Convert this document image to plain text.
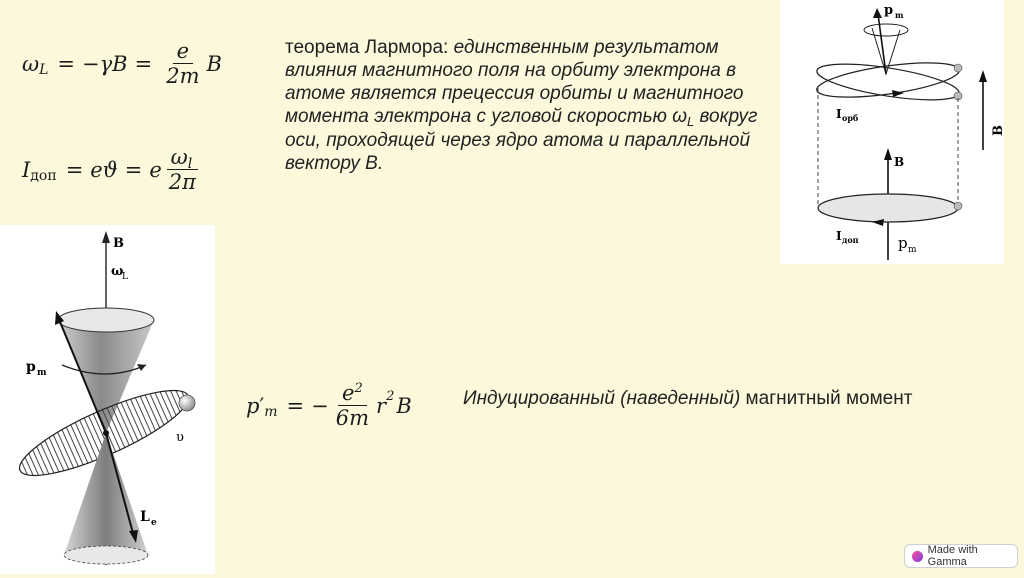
ω $L = -\gamma B = \frac{e}{2m}$ B
I доп = eϑ = e $\frac{\omega l}{2\pi}$
теорема Лармора: единственным результатом влияния магнитного поля на орбиту электрона в атоме является прецессия орбиты и магнитного момента электрона с угловой скоростью $\omega_L$ вокруг оси, проходящей через ядро атома и параллельной вектору В.
p ′ m = − $\frac{e^2}{6m}$ r 2 B	Индуцированный (наведенный) магнитный момент
B
ω
L
υ
p m
L e
p m
I орб
B
B
I доп	p m
Made with Gamma
